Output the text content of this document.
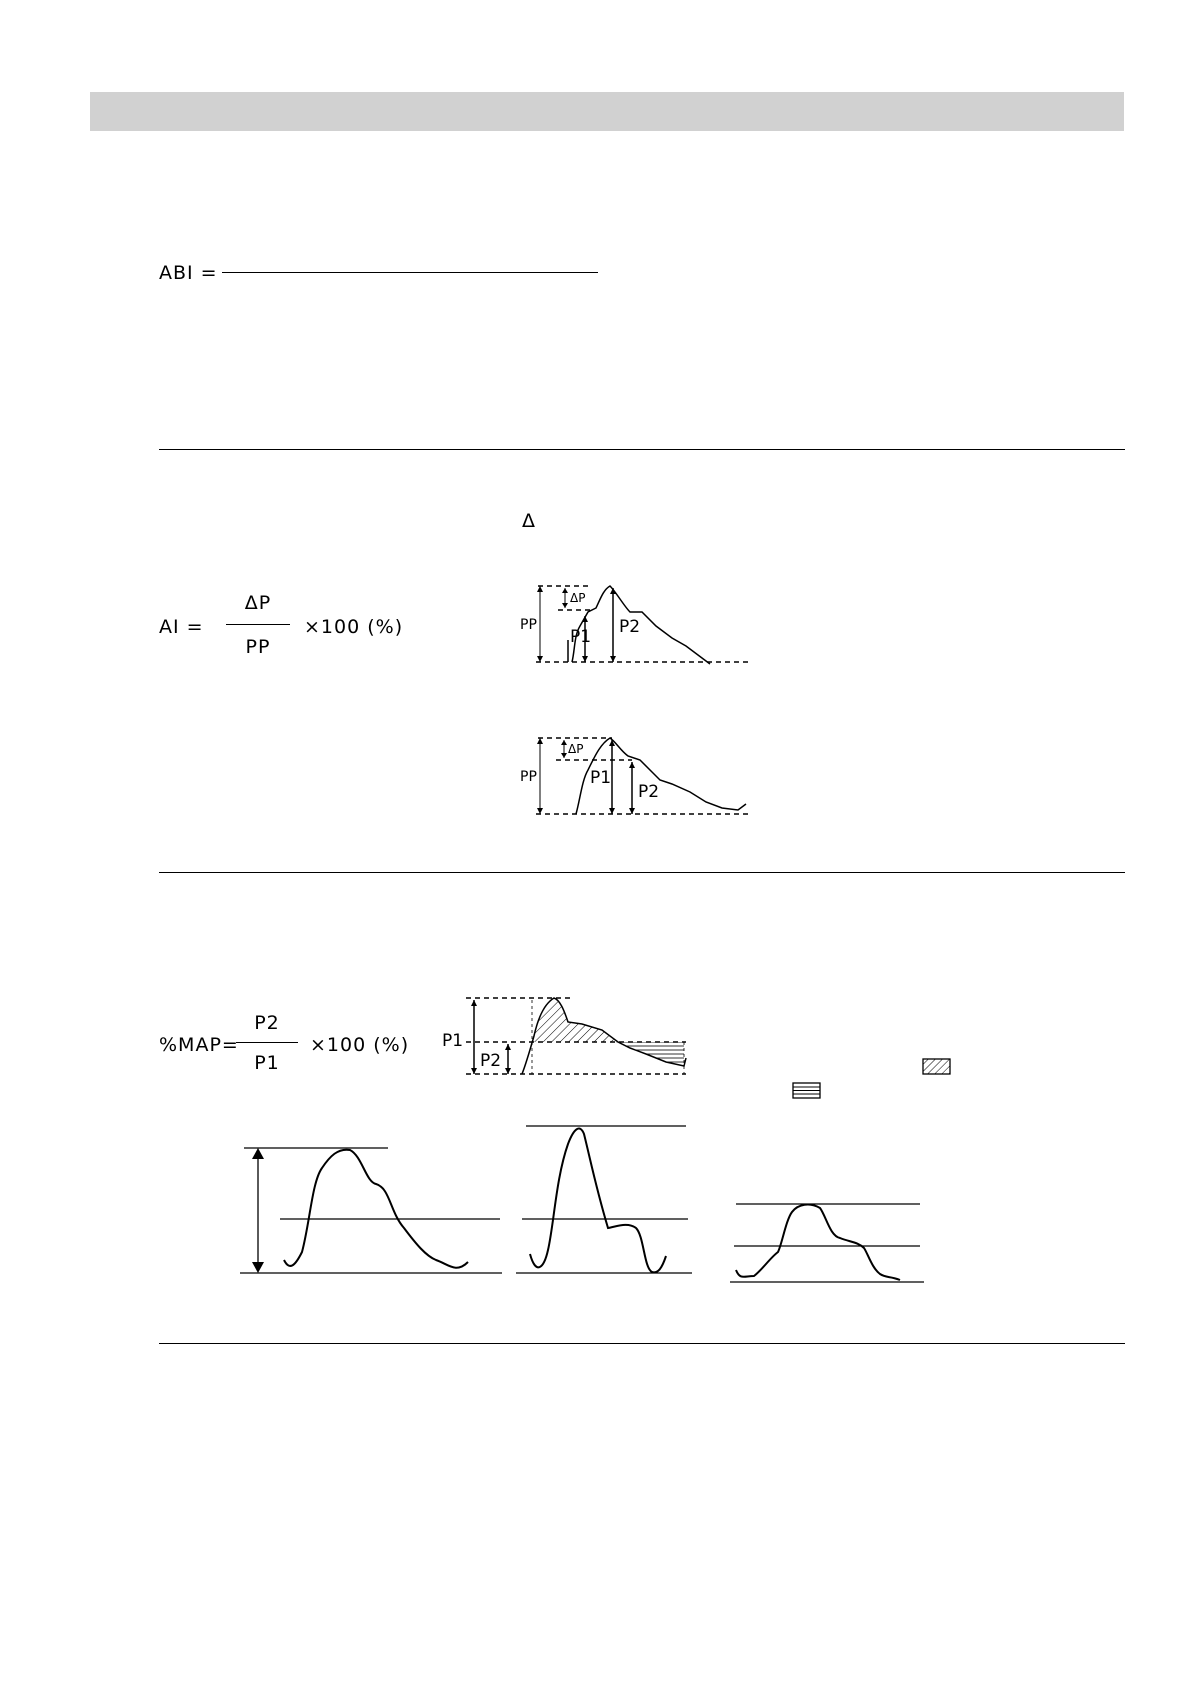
ABI =
Δ
AI =
ΔP
PP
×100 (%)	PP
ΔP
P1 P2
PP
ΔP
P1
P2
%MAP=
P2
P1
×100 (%) P1
P2
